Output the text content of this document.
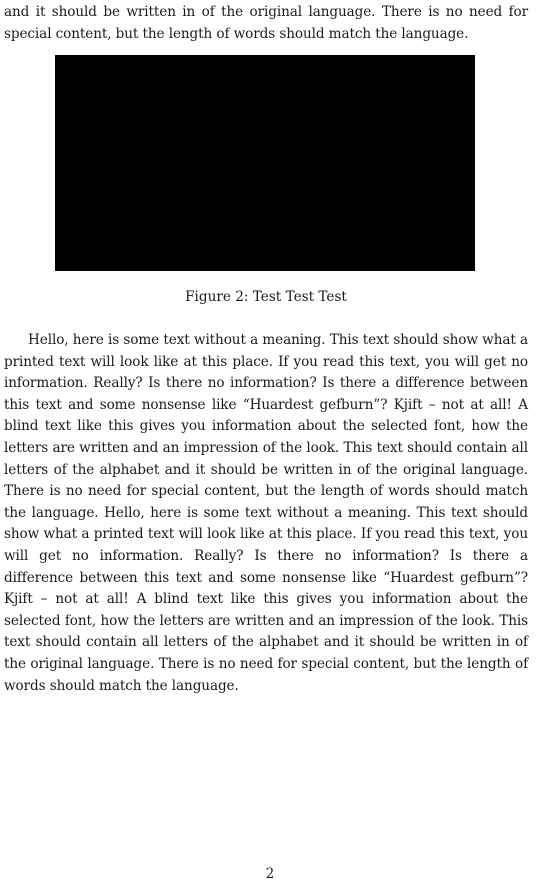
and it should be written in of the original language. There is no need for special content, but the length of words should match the language.

Figure 2: Test Test Test

Hello, here is some text without a meaning. This text should show what a printed text will look like at this place. If you read this text, you will get no information. Really? Is there no information? Is there a difference between this text and some nonsense like “Huardest gefburn”? Kjift – not at all! A blind text like this gives you information about the selected font, how the letters are written and an impression of the look. This text should contain all letters of the alphabet and it should be written in of the original language. There is no need for special content, but the length of words should match the language. Hello, here is some text without a meaning. This text should show what a printed text will look like at this place. If you read this text, you will get no information. Really? Is there no information? Is there a difference between this text and some nonsense like “Huardest gefburn”? Kjift – not at all! A blind text like this gives you information about the selected font, how the letters are written and an impression of the look. This text should contain all letters of the alphabet and it should be written in of the original language. There is no need for special content, but the length of words should match the language.

2
